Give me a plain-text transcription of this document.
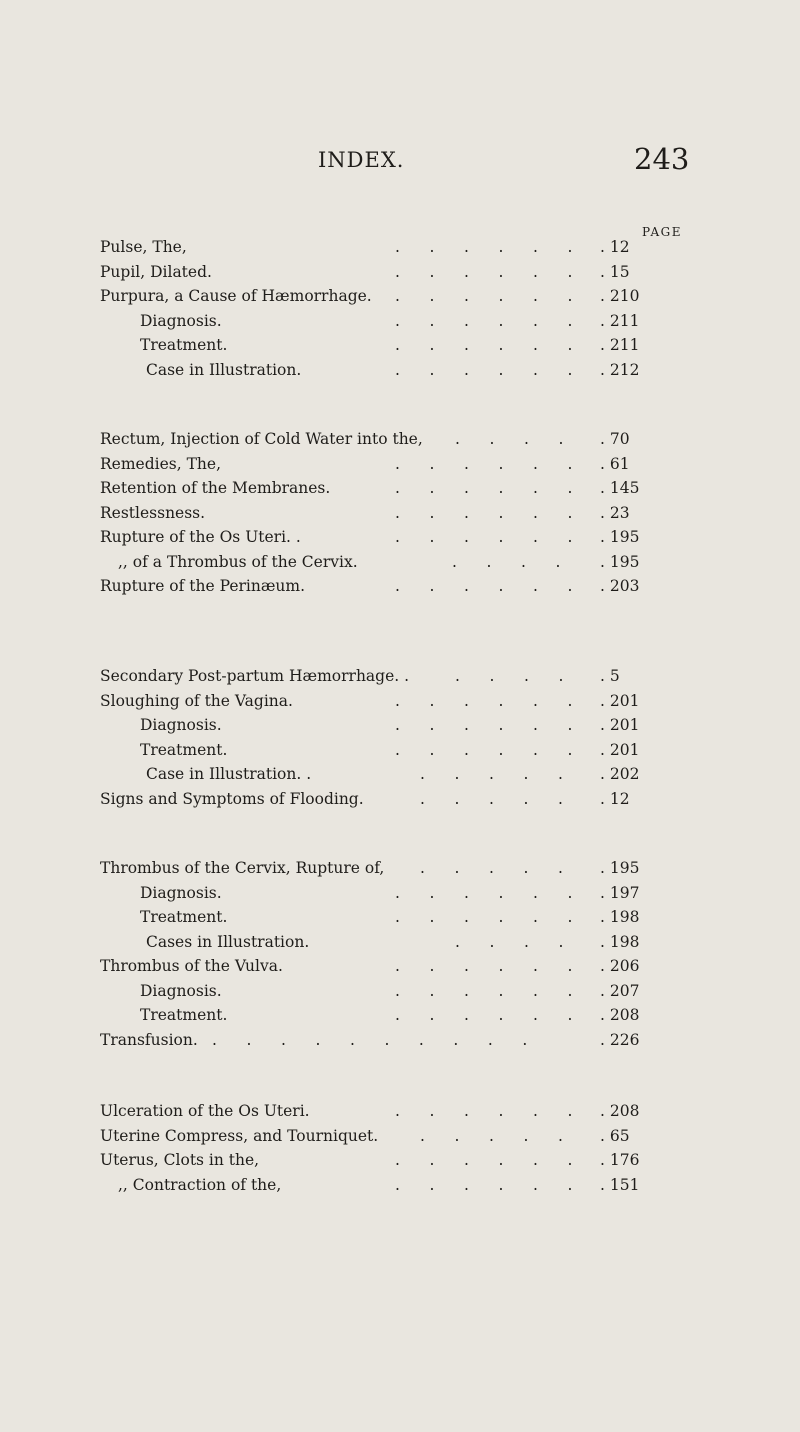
INDEX.	243
PAGE
Pulse, The,	.      .      .      .      .      .	. 12
Pupil, Dilated.	.      .      .      .      .      .	. 15
Purpura, a Cause of Hæmorrhage. .      .      .      .      .      .	. 210
Diagnosis.	.      .      .      .      .      .	. 211
Treatment.	.      .      .      .      .      .	. 211
Case in Illustration.	.      .      .      .      .      .	. 212
Rectum, Injection of Cold Water into the, .      .      .      .	. 70
Remedies, The,	.      .      .      .      .      .	. 61
Retention of the Membranes.	.      .      .      .      .      .	. 145
Restlessness.	.      .      .      .      .      .	. 23
Rupture of the Os Uteri. .	.      .      .      .      .      .	. 195
,, of a Thrombus of the Cervix.	.      .      .      .	. 195
Rupture of the Perinæum.	.      .      .      .      .      .	. 203
Secondary Post-partum Hæmorrhage. .	.      .      .      .	. 5
Sloughing of the Vagina.	.      .      .      .      .      .	. 201
Diagnosis.	.      .      .      .      .      .	. 201
Treatment.	.      .      .      .      .      .	. 201
Case in Illustration. .	.      .      .      .      .	. 202
Signs and Symptoms of Flooding.	.      .      .      .      .	. 12
Thrombus of the Cervix, Rupture of, .      .      .      .      .	. 195
Diagnosis.	.      .      .      .      .      .	. 197
Treatment.	.      .      .      .      .      .	. 198
Cases in Illustration.	.      .      .      .	. 198
Thrombus of the Vulva.	.      .      .      .      .      .	. 206
Diagnosis.	.      .      .      .      .      .	. 207
Treatment.	.      .      .      .      .      .	. 208
Transfusion. .      .      .      .      .      .      .      .      .      .	. 226
Ulceration of the Os Uteri.	.      .      .      .      .      .	. 208
Uterine Compress, and Tourniquet.	.      .      .      .      .	. 65
Uterus, Clots in the,	.      .      .      .      .      .	. 176
,, Contraction of the,	.      .      .      .      .      .	. 151
